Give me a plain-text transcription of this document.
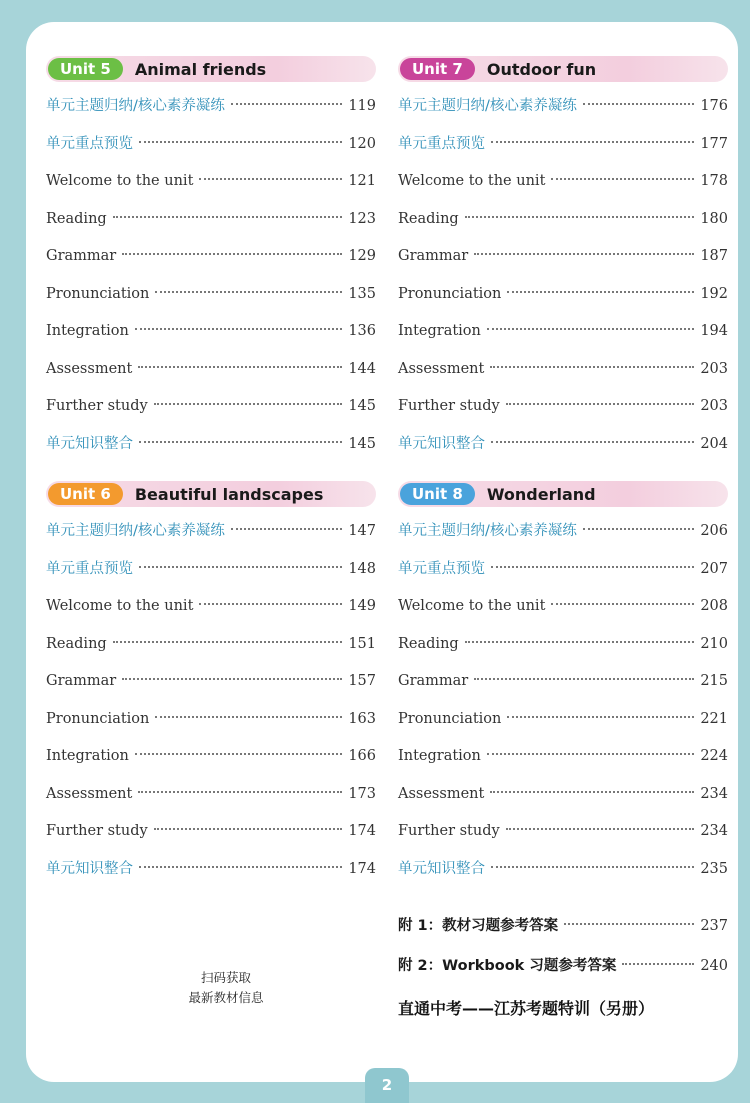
Unit 5	Animal friends
单元主题归纳/核心素养凝练	119
单元重点预览	120
Welcome to the unit	121
Reading	123
Grammar	129
Pronunciation	135
Integration	136
Assessment	144
Further study	145
单元知识整合	145
Unit 6	Beautiful landscapes
单元主题归纳/核心素养凝练	147
单元重点预览	148
Welcome to the unit	149
Reading	151
Grammar	157
Pronunciation	163
Integration	166
Assessment	173
Further study	174
单元知识整合	174
Unit 7	Outdoor fun
单元主题归纳/核心素养凝练	176
单元重点预览	177
Welcome to the unit	178
Reading	180
Grammar	187
Pronunciation	192
Integration	194
Assessment	203
Further study	203
单元知识整合	204
Unit 8	Wonderland
单元主题归纳/核心素养凝练	206
单元重点预览	207
Welcome to the unit	208
Reading	210
Grammar	215
Pronunciation	221
Integration	224
Assessment	234
Further study	234
单元知识整合	235
附 1：教材习题参考答案	237
附 2：Workbook 习题参考答案	240
直通中考——江苏考题特训（另册）
扫码获取
最新教材信息
2
